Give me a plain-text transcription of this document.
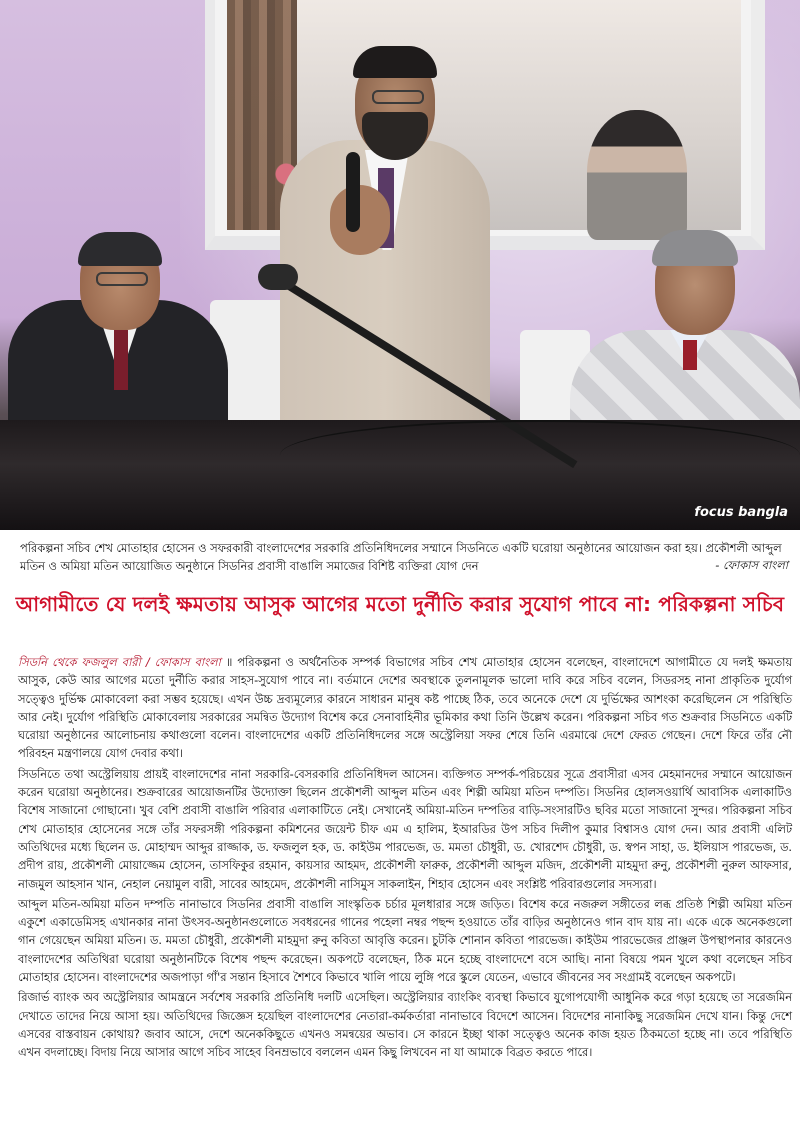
focus bangla
পরিকল্পনা সচিব শেখ মোতাহার হোসেন ও সফরকারী বাংলাদেশের সরকারি প্রতিনিধিদলের সম্মানে সিডনিতে একটি ঘরোয়া অনুষ্ঠানের আয়োজন করা হয়। প্রকৌশলী আব্দুল মতিন ও অমিয়া মতিন আয়োজিত অনুষ্ঠানে সিডনির প্রবাসী বাঙালি সমাজের বিশিষ্ট ব্যক্তিরা যোগ দেন	- ফোকাস বাংলা
আগামীতে যে দলই ক্ষমতায় আসুক আগের মতো দুর্নীতি করার সুযোগ পাবে না: পরিকল্পনা সচিব

সিডনি থেকে ফজলুল বারী / ফোকাস বাংলা ॥ পরিকল্পনা ও অর্থনৈতিক সম্পর্ক বিভাগের সচিব শেখ মোতাহার হোসেন বলেছেন, বাংলাদেশে আগামীতে যে দলই ক্ষমতায় আসুক, কেউ আর আগের মতো দুর্নীতি করার সাহস-সুযোগ পাবে না। বর্তমানে দেশের অবস্থাকে তুলনামূলক ভালো দাবি করে সচিব বলেন, সিডরসহ নানা প্রাকৃতিক দুর্যোগ সত্ত্বেও দুর্ভিক্ষ মোকাবেলা করা সম্ভব হয়েছে। এখন উচ্চ দ্রব্যমূল্যের কারনে সাধারন মানুষ কষ্ট পাচ্ছে ঠিক, তবে অনেকে দেশে যে দুর্ভিক্ষের আশংকা করেছিলেন সে পরিস্থিতি আর নেই। দুর্যোগ পরিস্থিতি মোকাবেলায় সরকারের সমন্বিত উদ্যোগ বিশেষ করে সেনাবাহিনীর ভূমিকার কথা তিনি উল্লেখ করেন। পরিকল্পনা সচিব গত শুক্রবার সিডনিতে একটি ঘরোয়া অনুষ্ঠানের আলোচনায় কথাগুলো বলেন। বাংলাদেশের একটি প্রতিনিধিদলের সঙ্গে অস্ট্রেলিয়া সফর শেষে তিনি এরমাঝে দেশে ফেরত গেছেন। দেশে ফিরে তাঁর নৌ পরিবহন মন্ত্রণালয়ে যোগ দেবার কথা।

সিডনিতে তথা অস্ট্রেলিয়ায় প্রায়ই বাংলাদেশের নানা সরকারি-বেসরকারি প্রতিনিধিদল আসেন। ব্যক্তিগত সম্পর্ক-পরিচয়ের সূত্রে প্রবাসীরা এসব মেহমানদের সম্মানে আয়োজন করেন ঘরোয়া অনুষ্ঠানের। শুক্রবারের আয়োজনটির উদ্যোক্তা ছিলেন প্রকৌশলী আব্দুল মতিন এবং শিল্পী অমিয়া মতিন দম্পতি। সিডনির হোলসওয়ার্থি আবাসিক এলাকাটিও বিশেষ সাজানো গোছানো। খুব বেশি প্রবাসী বাঙালি পরিবার এলাকাটিতে নেই। সেখানেই অমিয়া-মতিন দম্পতির বাড়ি-সংসারটিও ছবির মতো সাজানো সুন্দর। পরিকল্পনা সচিব শেখ মোতাহার হোসেনের সঙ্গে তাঁর সফরসঙ্গী পরিকল্পনা কমিশনের জয়েন্ট চীফ এম এ হালিম, ইআরডির উপ সচিব দিলীপ কুমার বিশ্বাসও যোগ দেন। আর প্রবাসী এলিট অতিথিদের মধ্যে ছিলেন ড. মোহাম্মদ আব্দুর রাজ্জাক, ড. ফজলুল হক, ড. কাইউম পারভেজ, ড. মমতা চৌধুরী, ড. খোরশেদ চৌধুরী, ড. স্বপন সাহা, ড. ইলিয়াস পারভেজ, ড. প্রদীপ রায়, প্রকৌশলী মোয়াজ্জেম হোসেন, তাসফিকুর রহমান, কায়সার আহমদ, প্রকৌশলী ফারুক, প্রকৌশলী আব্দুল মজিদ, প্রকৌশলী মাহমুদা রুনু, প্রকৌশলী নুরুল আফসার, নাজমুল আহসান খান, নেহাল নেয়ামুল বারী, সাবের আহমেদ, প্রকৌশলী নাসিমুস সাকলাইন, শিহাব হোসেন এবং সংশ্লিষ্ট পরিবারগুলোর সদস্যরা।

আব্দুল মতিন-অমিয়া মতিন দম্পতি নানাভাবে সিডনির প্রবাসী বাঙালি সাংস্কৃতিক চর্চার মূলধারার সঙ্গে জড়িত। বিশেষ করে নজরুল সঙ্গীতের লব্ধ প্রতিষ্ঠ শিল্পী অমিয়া মতিন একুশে একাডেমিসহ এখানকার নানা উৎসব-অনুষ্ঠানগুলোতে সবধরনের গানের পহেলা নম্বর পছন্দ হওয়াতে তাঁর বাড়ির অনুষ্ঠানেও গান বাদ যায় না। একে একে অনেকগুলো গান গেয়েছেন অমিয়া মতিন। ড. মমতা চৌধুরী, প্রকৌশলী মাহমুদা রুনু কবিতা আবৃত্তি করেন। চুটকি শোনান কবিতা পারভেজ। কাইউম পারভেজের প্রাঞ্জল উপস্থাপনার কারনেও বাংলাদেশের অতিথিরা ঘরোয়া অনুষ্ঠানটিকে বিশেষ পছন্দ করেছেন। অকপটে বলেছেন, ঠিক মনে হচ্ছে বাংলাদেশে বসে আছি। নানা বিষয়ে পমন খুলে কথা বলেছেন সচিব মোতাহার হোসেন। বাংলাদেশের অজপাড়া গাঁ'র সন্তান হিসাবে শৈশবে কিভাবে খালি পায়ে লুঙ্গি পরে স্কুলে যেতেন, এভাবে জীবনের সব সংগ্রামই বলেছেন অকপটে।

রিজার্ভ ব্যাংক অব অস্ট্রেলিয়ার আমন্ত্রনে সর্বশেষ সরকারি প্রতিনিধি দলটি এসেছিল। অস্ট্রেলিয়ার ব্যাংকিং ব্যবস্থা কিভাবে যুগোপযোগী আধুনিক করে গড়া হয়েছে তা সরেজমিন দেখাতে তাদের নিয়ে আসা হয়। অতিথিদের জিজ্ঞেস হয়েছিল বাংলাদেশের নেতারা-কর্মকর্তারা নানাভাবে বিদেশে আসেন। বিদেশের নানাকিছু সরেজমিন দেখে যান। কিন্তু দেশে এসবের বাস্তবায়ন কোথায়? জবাব আসে, দেশে অনেককিছুতে এখনও সমন্বয়ের অভাব। সে কারনে ইচ্ছা থাকা সত্ত্বেও অনেক কাজ হয়ত ঠিকমতো হচ্ছে না। তবে পরিস্থিতি এখন বদলাচ্ছে। বিদায় নিয়ে আসার আগে সচিব সাহেব বিনম্রভাবে বললেন এমন কিছু লিখবেন না যা আমাকে বিব্রত করতে পারে।
